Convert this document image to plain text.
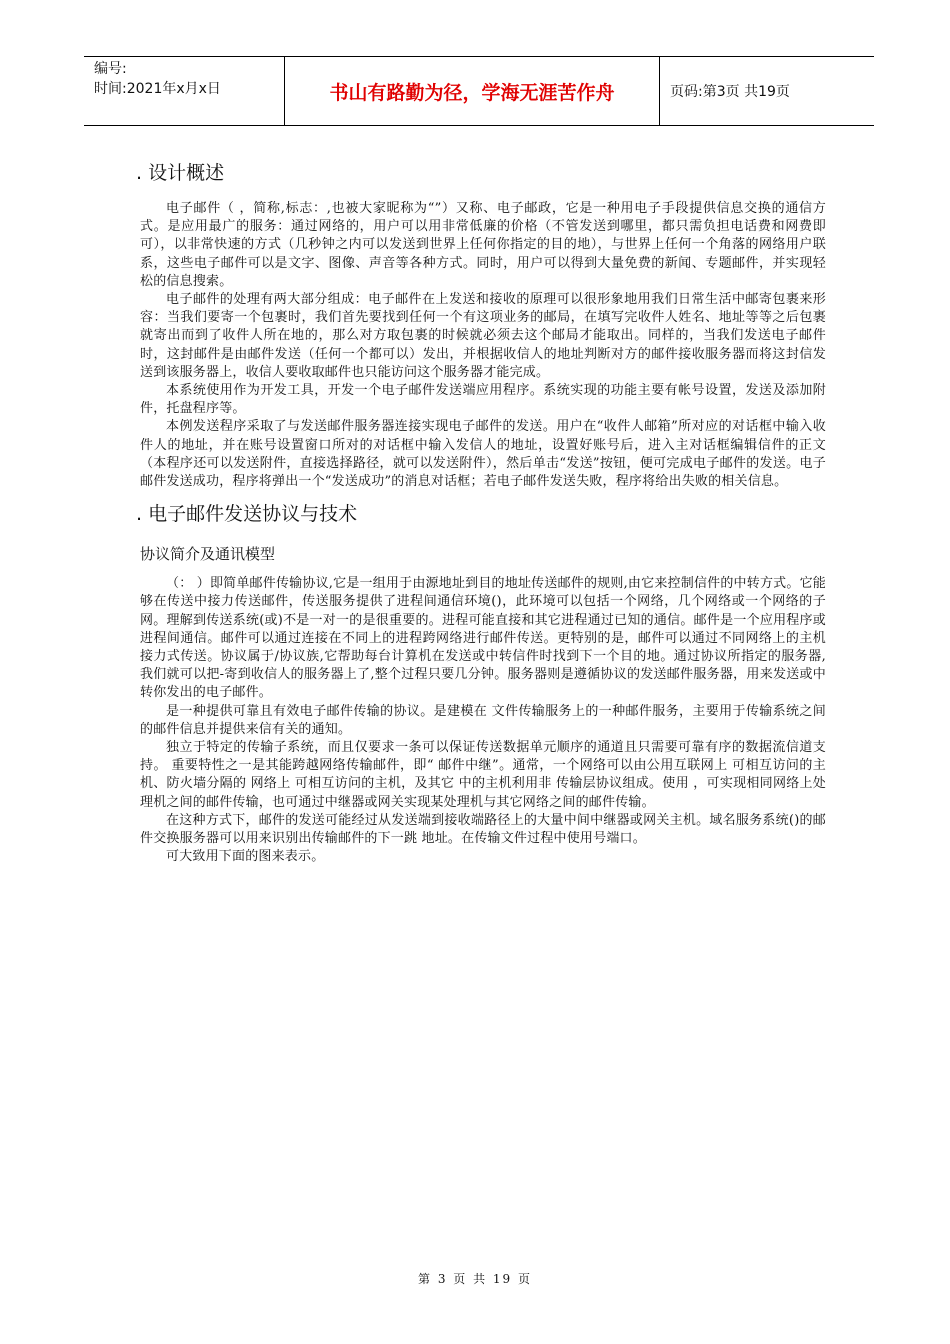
编号:
时间:2021年x月x日	书山有路勤为径，学海无涯苦作舟	页码:第3页 共19页
. 设计概述

电子邮件（ ，简称,标志：,也被大家昵称为“”）又称、电子邮政，它是一种用电子手段提供信息交换的通信方式。是应用最广的服务：通过网络的，用户可以用非常低廉的价格（不管发送到哪里，都只需负担电话费和网费即可），以非常快速的方式（几秒钟之内可以发送到世界上任何你指定的目的地），与世界上任何一个角落的网络用户联系，这些电子邮件可以是文字、图像、声音等各种方式。同时，用户可以得到大量免费的新闻、专题邮件，并实现轻松的信息搜索。

电子邮件的处理有两大部分组成：电子邮件在上发送和接收的原理可以很形象地用我们日常生活中邮寄包裹来形容：当我们要寄一个包裹时，我们首先要找到任何一个有这项业务的邮局，在填写完收件人姓名、地址等等之后包裹就寄出而到了收件人所在地的，那么对方取包裹的时候就必须去这个邮局才能取出。同样的，当我们发送电子邮件时，这封邮件是由邮件发送（任何一个都可以）发出，并根据收信人的地址判断对方的邮件接收服务器而将这封信发送到该服务器上，收信人要收取邮件也只能访问这个服务器才能完成。

本系统使用作为开发工具，开发一个电子邮件发送端应用程序。系统实现的功能主要有帐号设置，发送及添加附件，托盘程序等。

本例发送程序采取了与发送邮件服务器连接实现电子邮件的发送。用户在“收件人邮箱”所对应的对话框中输入收件人的地址，并在账号设置窗口所对的对话框中输入发信人的地址，设置好账号后，进入主对话框编辑信件的正文（本程序还可以发送附件，直接选择路径，就可以发送附件），然后单击“发送”按钮，便可完成电子邮件的发送。电子邮件发送成功，程序将弹出一个“发送成功”的消息对话框；若电子邮件发送失败，程序将给出失败的相关信息。

. 电子邮件发送协议与技术
协议简介及通讯模型

（： ）即简单邮件传输协议,它是一组用于由源地址到目的地址传送邮件的规则,由它来控制信件的中转方式。它能够在传送中接力传送邮件，传送服务提供了进程间通信环境()，此环境可以包括一个网络，几个网络或一个网络的子网。理解到传送系统(或)不是一对一的是很重要的。进程可能直接和其它进程通过已知的通信。邮件是一个应用程序或进程间通信。邮件可以通过连接在不同上的进程跨网络进行邮件传送。更特别的是，邮件可以通过不同网络上的主机接力式传送。协议属于/协议族,它帮助每台计算机在发送或中转信件时找到下一个目的地。通过协议所指定的服务器,我们就可以把-寄到收信人的服务器上了,整个过程只要几分钟。服务器则是遵循协议的发送邮件服务器，用来发送或中转你发出的电子邮件。

是一种提供可靠且有效电子邮件传输的协议。是建模在 文件传输服务上的一种邮件服务，主要用于传输系统之间的邮件信息并提供来信有关的通知。

独立于特定的传输子系统，而且仅要求一条可以保证传送数据单元顺序的通道且只需要可靠有序的数据流信道支持。 重要特性之一是其能跨越网络传输邮件，即“ 邮件中继”。通常，一个网络可以由公用互联网上 可相互访问的主机、防火墙分隔的 网络上 可相互访问的主机，及其它 中的主机利用非 传输层协议组成。使用 ，可实现相同网络上处理机之间的邮件传输，也可通过中继器或网关实现某处理机与其它网络之间的邮件传输。

在这种方式下，邮件的发送可能经过从发送端到接收端路径上的大量中间中继器或网关主机。域名服务系统()的邮件交换服务器可以用来识别出传输邮件的下一跳 地址。在传输文件过程中使用号端口。

可大致用下面的图来表示。

第 3 页 共 19 页
